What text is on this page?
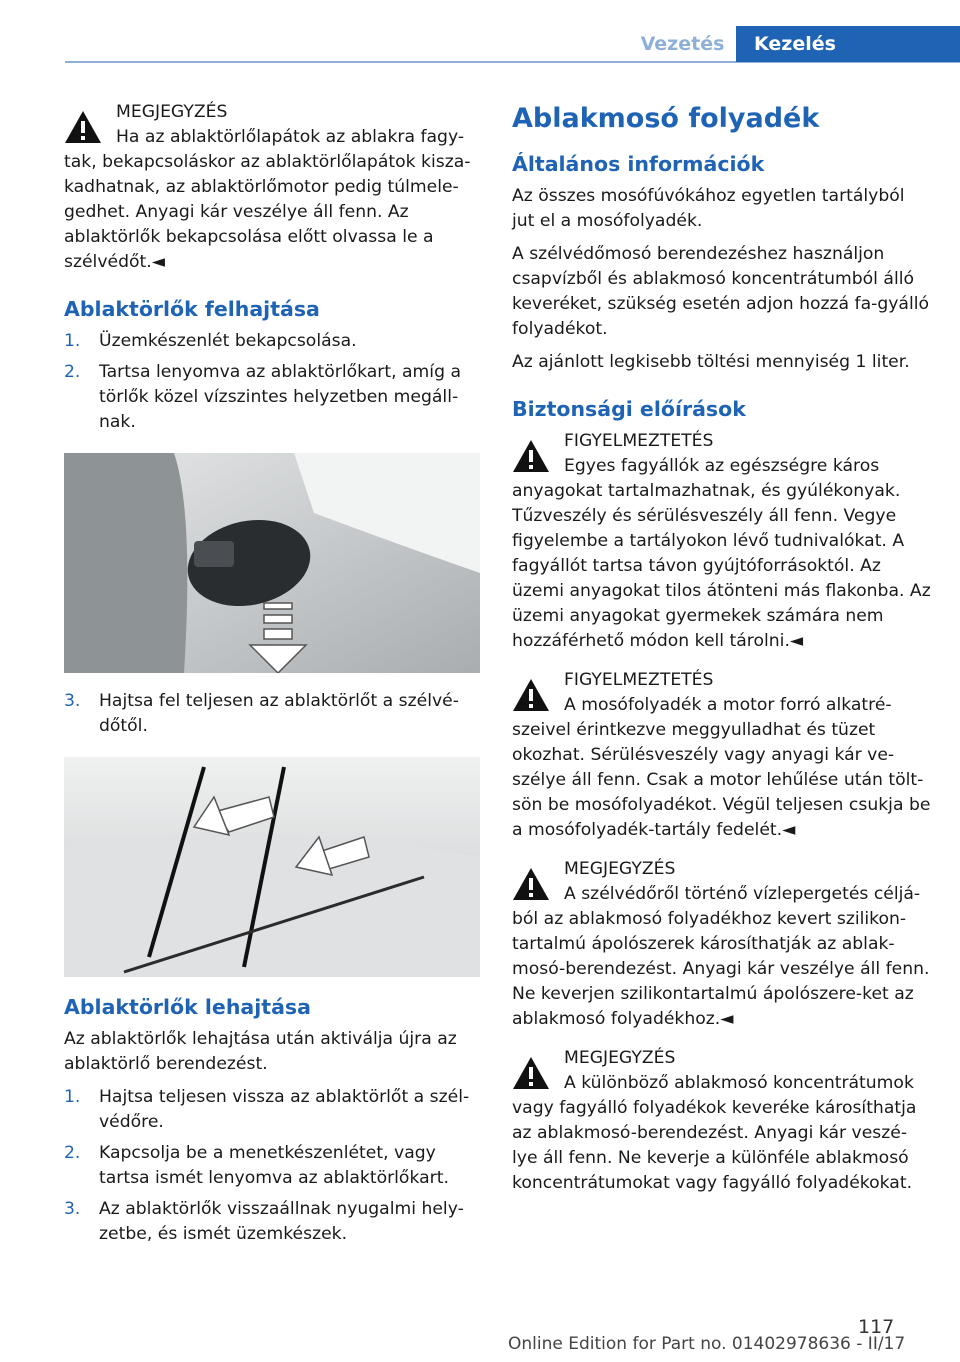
Vezetés	Kezelés

MEGJEGYZÉS

Ha az ablaktörlőlapátok az ablakra fagy-

tak, bekapcsoláskor az ablaktörlőlapátok kisza-kadhatnak, az ablaktörlőmotor pedig túlmele-gedhet. Anyagi kár veszélye áll fenn. Az ablaktörlők bekapcsolása előtt olvassa le a szélvédőt.◄

Ablaktörlők felhajtása
1. Üzemkészenlét bekapcsolása.
2. Tartsa lenyomva az ablaktörlőkart, amíg a törlők közel vízszintes helyzetben megáll-nak.
3. Hajtsa fel teljesen az ablaktörlőt a szélvé-dőtől.
Ablaktörlők lehajtása

Az ablaktörlők lehajtása után aktiválja újra az ablaktörlő berendezést.

1. Hajtsa teljesen vissza az ablaktörlőt a szél-védőre.
2. Kapcsolja be a menetkészenlétet, vagy tartsa ismét lenyomva az ablaktörlőkart.
3. Az ablaktörlők visszaállnak nyugalmi hely-zetbe, és ismét üzemkészek.
Ablakmosó folyadék
Általános információk

Az összes mosófúvókához egyetlen tartályból jut el a mosófolyadék.

A szélvédőmosó berendezéshez használjon csapvízből és ablakmosó koncentrátumból álló keveréket, szükség esetén adjon hozzá fa-gyálló folyadékot.

Az ajánlott legkisebb töltési mennyiség 1 liter.

Biztonsági előírások

FIGYELMEZTETÉS

Egyes fagyállók az egészségre káros

anyagokat tartalmazhatnak, és gyúlékonyak. Tűzveszély és sérülésveszély áll fenn. Vegye figyelembe a tartályokon lévő tudnivalókat. A fagyállót tartsa távon gyújtóforrásoktól. Az üzemi anyagokat tilos átönteni más flakonba. Az üzemi anyagokat gyermekek számára nem hozzáférhető módon kell tárolni.◄

FIGYELMEZTETÉS

A mosófolyadék a motor forró alkatré-

szeivel érintkezve meggyulladhat és tüzet okozhat. Sérülésveszély vagy anyagi kár ve-szélye áll fenn. Csak a motor lehűlése után tölt-sön be mosófolyadékot. Végül teljesen csukja be a mosófolyadék-tartály fedelét.◄

MEGJEGYZÉS

A szélvédőről történő vízlepergetés céljá-

ból az ablakmosó folyadékhoz kevert szilikon-tartalmú ápolószerek károsíthatják az ablak-mosó-berendezést. Anyagi kár veszélye áll fenn. Ne keverjen szilikontartalmú ápolószere-ket az ablakmosó folyadékhoz.◄

MEGJEGYZÉS

A különböző ablakmosó koncentrátumok

vagy fagyálló folyadékok keveréke károsíthatja az ablakmosó-berendezést. Anyagi kár veszé-lye áll fenn. Ne keverje a különféle ablakmosó koncentrátumokat vagy fagyálló folyadékokat.

117
Online Edition for Part no. 01402978636 - II/17
